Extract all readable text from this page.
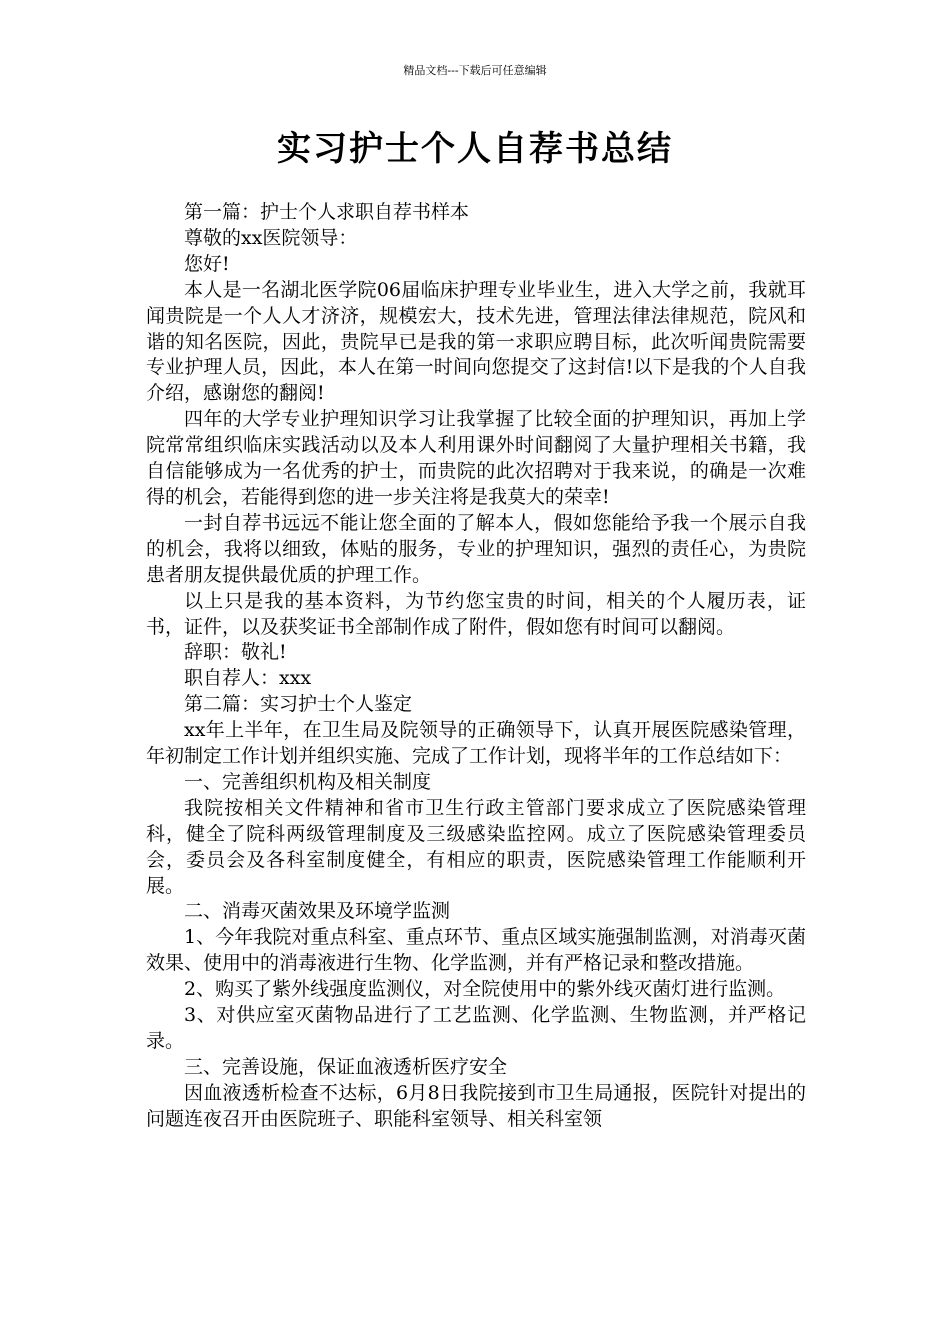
精品文档---下载后可任意编辑
实习护士个人自荐书总结

第一篇：护士个人求职自荐书样本

尊敬的xx医院领导：

您好!

本人是一名湖北医学院06届临床护理专业毕业生，进入大学之前，我就耳闻贵院是一个人人才济济，规模宏大，技术先进，管理法律法律规范，院风和谐的知名医院，因此，贵院早已是我的第一求职应聘目标，此次听闻贵院需要专业护理人员，因此，本人在第一时间向您提交了这封信!以下是我的个人自我介绍，感谢您的翻阅!

四年的大学专业护理知识学习让我掌握了比较全面的护理知识，再加上学院常常组织临床实践活动以及本人利用课外时间翻阅了大量护理相关书籍，我自信能够成为一名优秀的护士，而贵院的此次招聘对于我来说，的确是一次难得的机会，若能得到您的进一步关注将是我莫大的荣幸!

一封自荐书远远不能让您全面的了解本人，假如您能给予我一个展示自我的机会，我将以细致，体贴的服务，专业的护理知识，强烈的责任心，为贵院患者朋友提供最优质的护理工作。

以上只是我的基本资料，为节约您宝贵的时间，相关的个人履历表，证书，证件，以及获奖证书全部制作成了附件，假如您有时间可以翻阅。

辞职：敬礼!

职自荐人：xxx

第二篇：实习护士个人鉴定

xx年上半年，在卫生局及院领导的正确领导下，认真开展医院感染管理，年初制定工作计划并组织实施、完成了工作计划，现将半年的工作总结如下：

一、完善组织机构及相关制度

我院按相关文件精神和省市卫生行政主管部门要求成立了医院感染管理科，健全了院科两级管理制度及三级感染监控网。成立了医院感染管理委员会，委员会及各科室制度健全，有相应的职责，医院感染管理工作能顺利开展。

二、消毒灭菌效果及环境学监测

1、今年我院对重点科室、重点环节、重点区域实施强制监测，对消毒灭菌效果、使用中的消毒液进行生物、化学监测，并有严格记录和整改措施。

2、购买了紫外线强度监测仪，对全院使用中的紫外线灭菌灯进行监测。

3、对供应室灭菌物品进行了工艺监测、化学监测、生物监测，并严格记录。

三、完善设施，保证血液透析医疗安全

因血液透析检查不达标，6月8日我院接到市卫生局通报，医院针对提出的问题连夜召开由医院班子、职能科室领导、相关科室领
